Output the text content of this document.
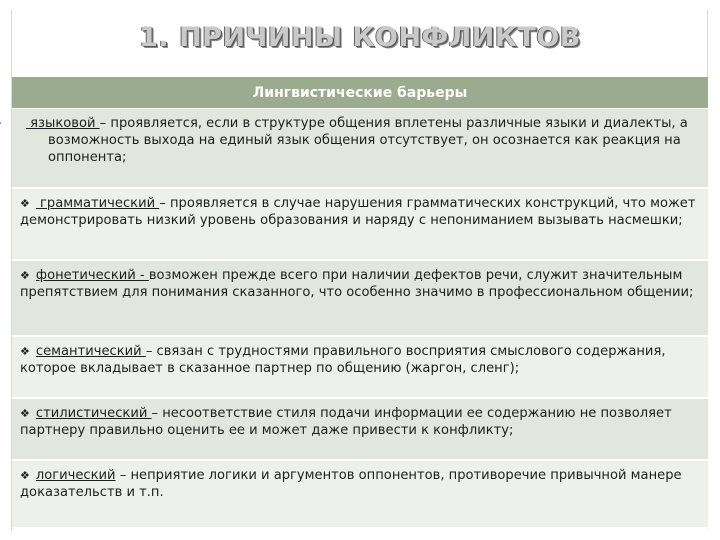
1. ПРИЧИНЫ КОНФЛИКТОВ
Лингвистические барьеры
языковой – проявляется, если в структуре общения вплетены различные языки и диалекты, а возможность выхода на единый язык общения отсутствует, он осознается как реакция на оппонента;
❖ грамматический – проявляется в случае нарушения грамматических конструкций, что может демонстрировать низкий уровень образования и наряду с непониманием вызывать насмешки;
❖ фонетический - возможен прежде всего при наличии дефектов речи, служит значительным препятствием для понимания сказанного, что особенно значимо в профессиональном общении;
❖ семантический – связан с трудностями правильного восприятия смыслового содержания, которое вкладывает в сказанное партнер по общению (жаргон, сленг);
❖ стилистический – несоответствие стиля подачи информации ее содержанию не позволяет партнеру правильно оценить ее и может даже привести к конфликту;
❖ логический – неприятие логики и аргументов оппонентов, противоречие привычной манере доказательств и т.п.
